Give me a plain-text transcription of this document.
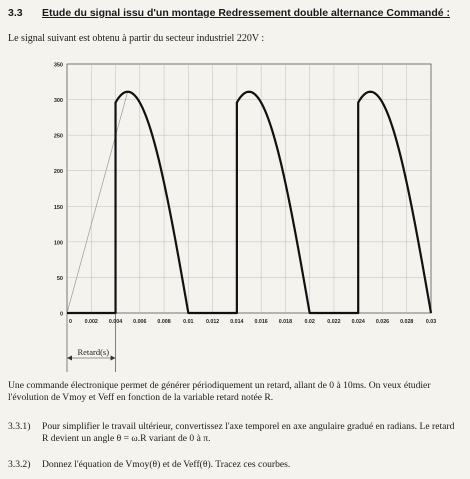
3.3 Etude du signal issu d'un montage Redressement double alternance Commandé :
Le signal suivant est obtenu à partir du secteur industriel 220V :
0
50
100
150
200
250
300
350
0 0.002 0.004 0.006 0.008 0.01 0.012 0.014 0.016 0.018 0.02 0.022 0.024 0.026 0.028 0.03
Retard(s)
Une commande électronique permet de générer périodiquement un retard, allant de 0 à 10ms. On veux étudier l'évolution de Vmoy et Veff en fonction de la variable retard notée R.
3.3.1) Pour simplifier le travail ultérieur, convertissez l'axe temporel en axe angulaire gradué en radians. Le retard R devient un angle θ = ω.R variant de 0 à π.
3.3.2) Donnez l'équation de Vmoy(θ) et de Veff(θ). Tracez ces courbes.
